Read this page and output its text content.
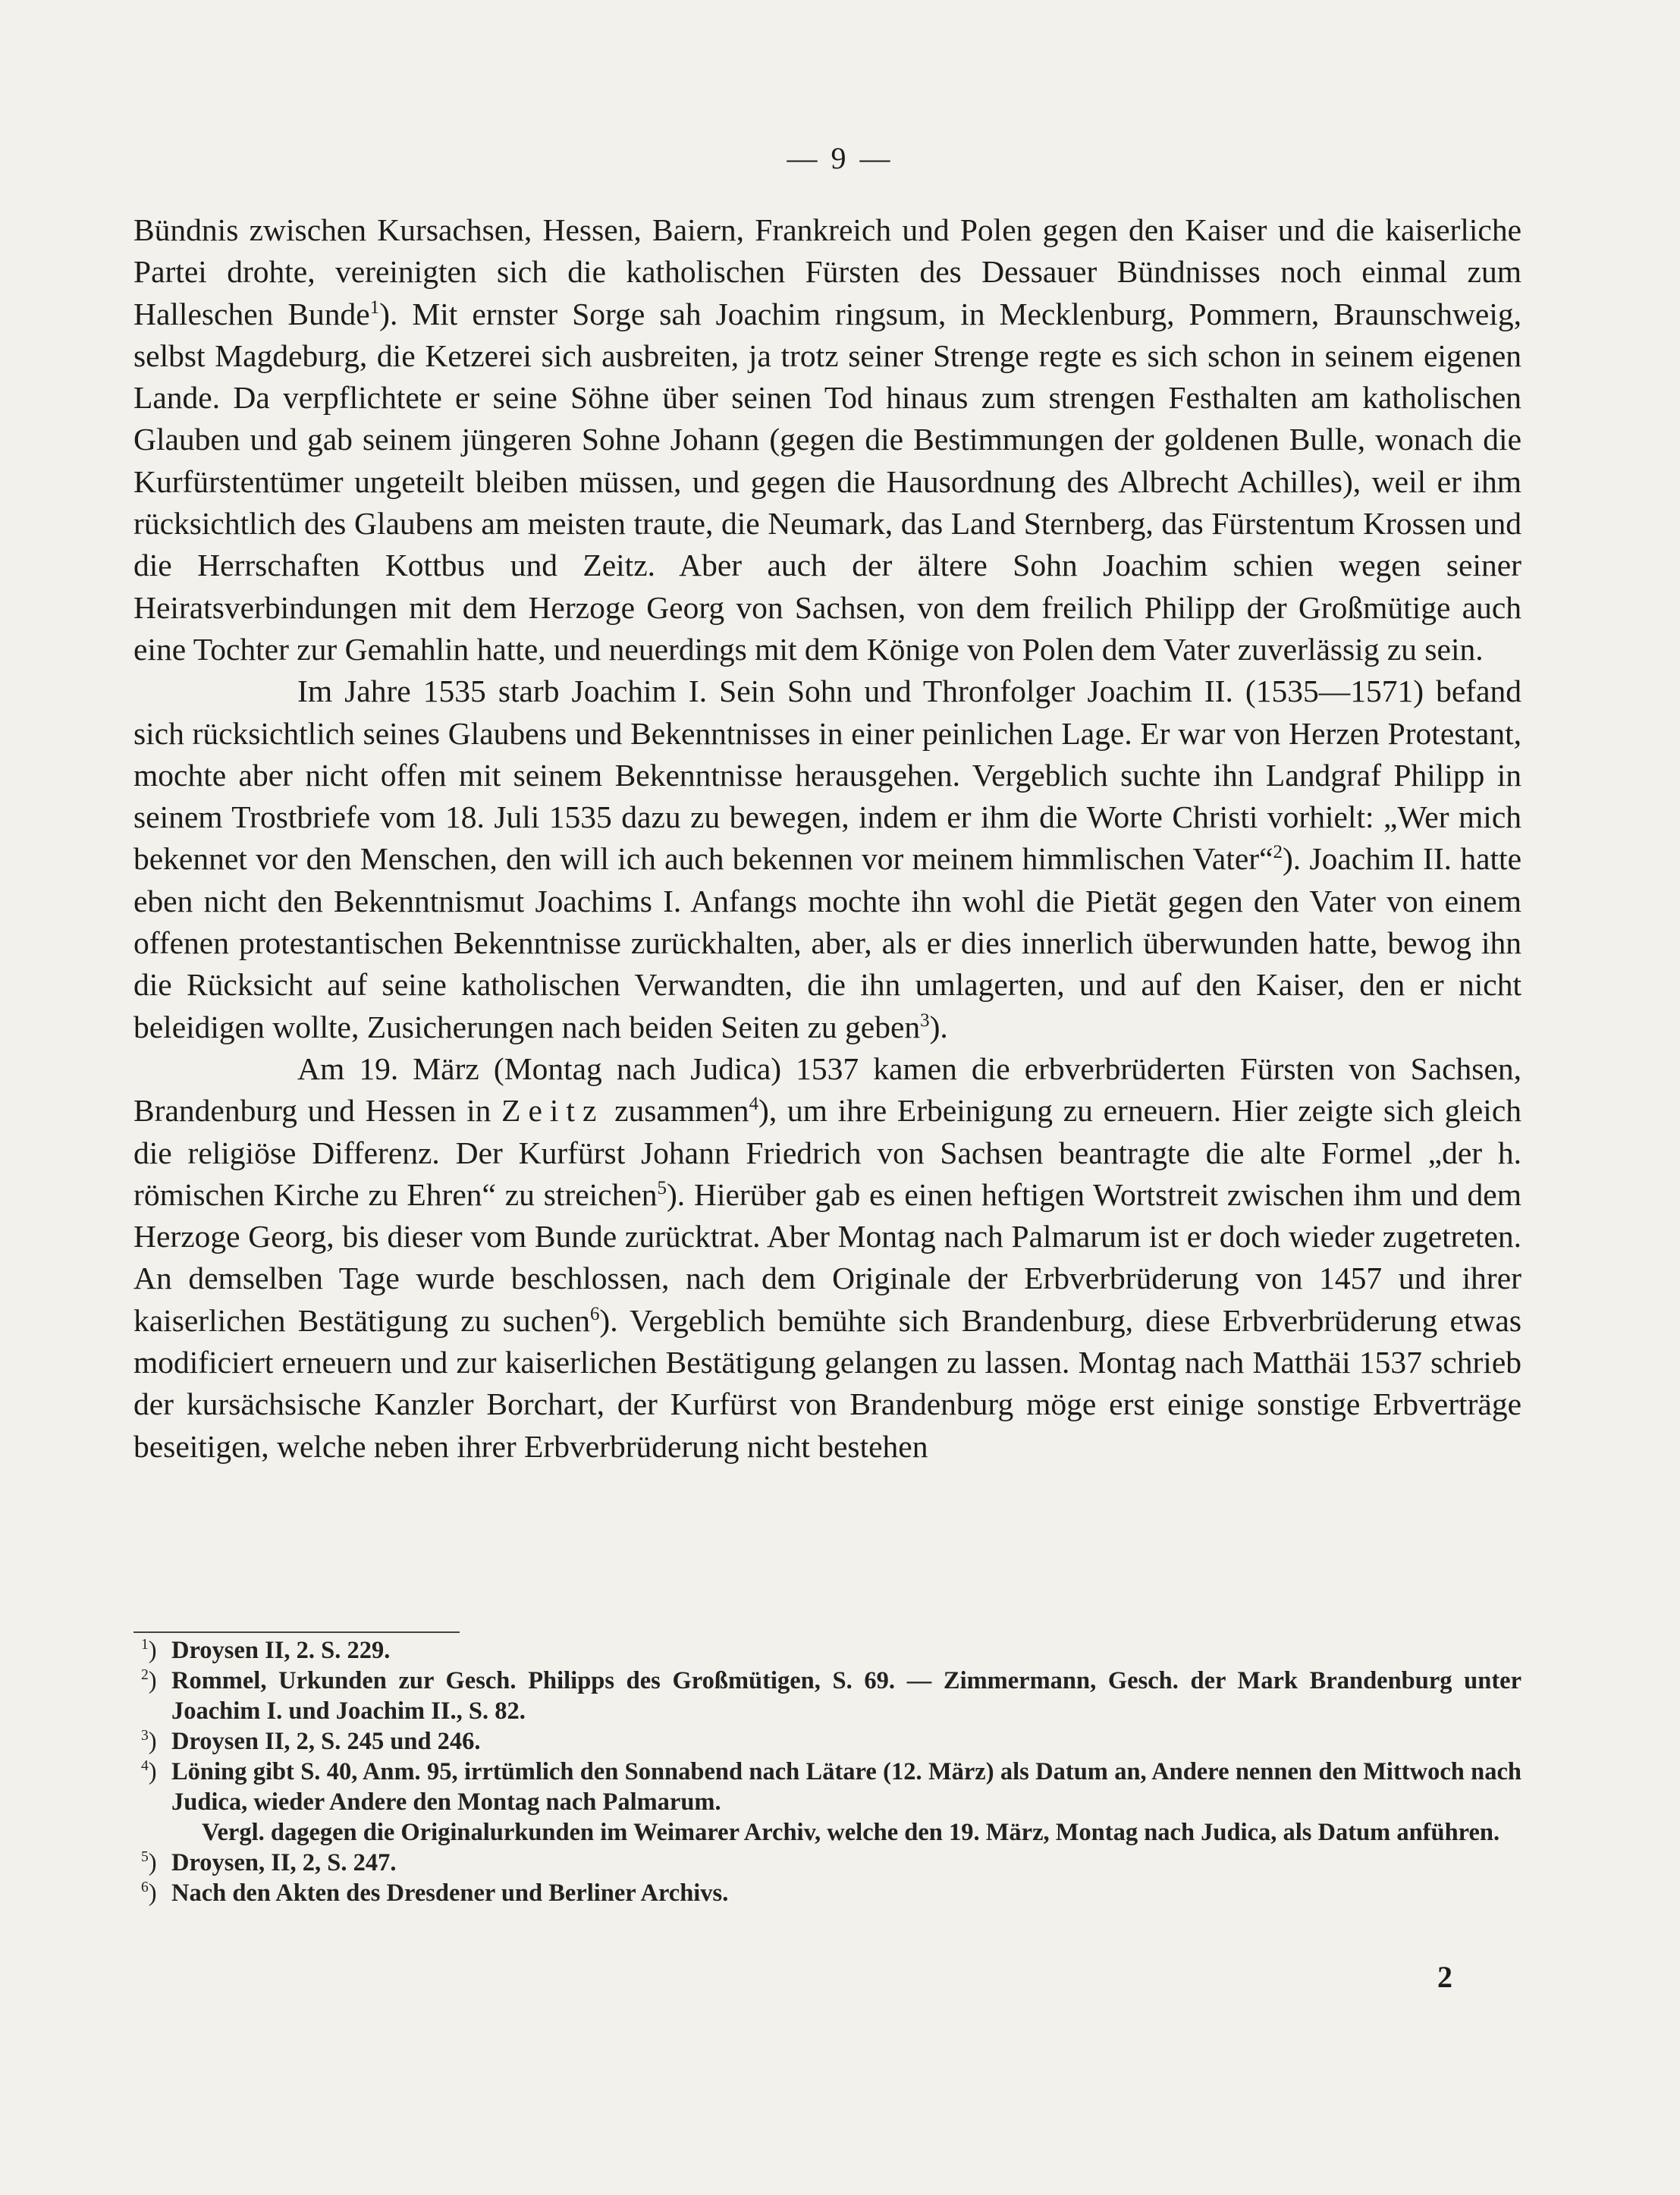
— 9 —

Bündnis zwischen Kursachsen, Hessen, Baiern, Frankreich und Polen gegen den Kaiser und die kaiserliche Partei drohte, vereinigten sich die katholischen Fürsten des Dessauer Bündnisses noch einmal zum Halleschen Bunde$^1$). Mit ernster Sorge sah Joachim ringsum, in Mecklenburg, Pommern, Braunschweig, selbst Magdeburg, die Ketzerei sich ausbreiten, ja trotz seiner Strenge regte es sich schon in seinem eigenen Lande. Da verpflichtete er seine Söhne über seinen Tod hinaus zum strengen Festhalten am katholischen Glauben und gab seinem jüngeren Sohne Johann (gegen die Bestimmungen der goldenen Bulle, wonach die Kurfürstentümer ungeteilt bleiben müssen, und gegen die Hausordnung des Albrecht Achilles), weil er ihm rücksichtlich des Glaubens am meisten traute, die Neumark, das Land Sternberg, das Fürstentum Krossen und die Herrschaften Kottbus und Zeitz. Aber auch der ältere Sohn Joachim schien wegen seiner Heiratsverbindungen mit dem Herzoge Georg von Sachsen, von dem freilich Philipp der Großmütige auch eine Tochter zur Gemahlin hatte, und neuerdings mit dem Könige von Polen dem Vater zuverlässig zu sein.

Im Jahre 1535 starb Joachim I. Sein Sohn und Thronfolger Joachim II. (1535—1571) befand sich rücksichtlich seines Glaubens und Bekenntnisses in einer peinlichen Lage. Er war von Herzen Protestant, mochte aber nicht offen mit seinem Bekenntnisse herausgehen. Vergeblich suchte ihn Landgraf Philipp in seinem Trostbriefe vom 18. Juli 1535 dazu zu bewegen, indem er ihm die Worte Christi vorhielt: „Wer mich bekennet vor den Menschen, den will ich auch bekennen vor meinem himmlischen Vater“$^2$). Joachim II. hatte eben nicht den Bekenntnismut Joachims I. Anfangs mochte ihn wohl die Pietät gegen den Vater von einem offenen protestantischen Bekenntnisse zurückhalten, aber, als er dies innerlich überwunden hatte, bewog ihn die Rücksicht auf seine katholischen Verwandten, die ihn umlagerten, und auf den Kaiser, den er nicht beleidigen wollte, Zusicherungen nach beiden Seiten zu geben$^3$).

Am 19. März (Montag nach Judica) 1537 kamen die erbverbrüderten Fürsten von Sachsen, Brandenburg und Hessen in Zeitz zusammen$^4$), um ihre Erbeinigung zu erneuern. Hier zeigte sich gleich die religiöse Differenz. Der Kurfürst Johann Friedrich von Sachsen beantragte die alte Formel „der h. römischen Kirche zu Ehren“ zu streichen$^5$). Hierüber gab es einen heftigen Wortstreit zwischen ihm und dem Herzoge Georg, bis dieser vom Bunde zurücktrat. Aber Montag nach Palmarum ist er doch wieder zugetreten. An demselben Tage wurde beschlossen, nach dem Originale der Erbverbrüderung von 1457 und ihrer kaiserlichen Bestätigung zu suchen$^6$). Vergeblich bemühte sich Brandenburg, diese Erbverbrüderung etwas modificiert erneuern und zur kaiserlichen Bestätigung gelangen zu lassen. Montag nach Matthäi 1537 schrieb der kursächsische Kanzler Borchart, der Kurfürst von Brandenburg möge erst einige sonstige Erbverträge beseitigen, welche neben ihrer Erbverbrüderung nicht bestehen

$^1$) Droysen II, 2. S. 229.

$^2$) Rommel, Urkunden zur Gesch. Philipps des Großmütigen, S. 69. — Zimmermann, Gesch. der Mark Brandenburg unter Joachim I. und Joachim II., S. 82.

$^3$) Droysen II, 2, S. 245 und 246.

$^4$) Löning gibt S. 40, Anm. 95, irrtümlich den Sonnabend nach Lätare (12. März) als Datum an, Andere nennen den Mittwoch nach Judica, wieder Andere den Montag nach Palmarum.

Vergl. dagegen die Originalurkunden im Weimarer Archiv, welche den 19. März, Montag nach Judica, als Datum anführen.

$^5$) Droysen, II, 2, S. 247.

$^6$) Nach den Akten des Dresdener und Berliner Archivs.

2
